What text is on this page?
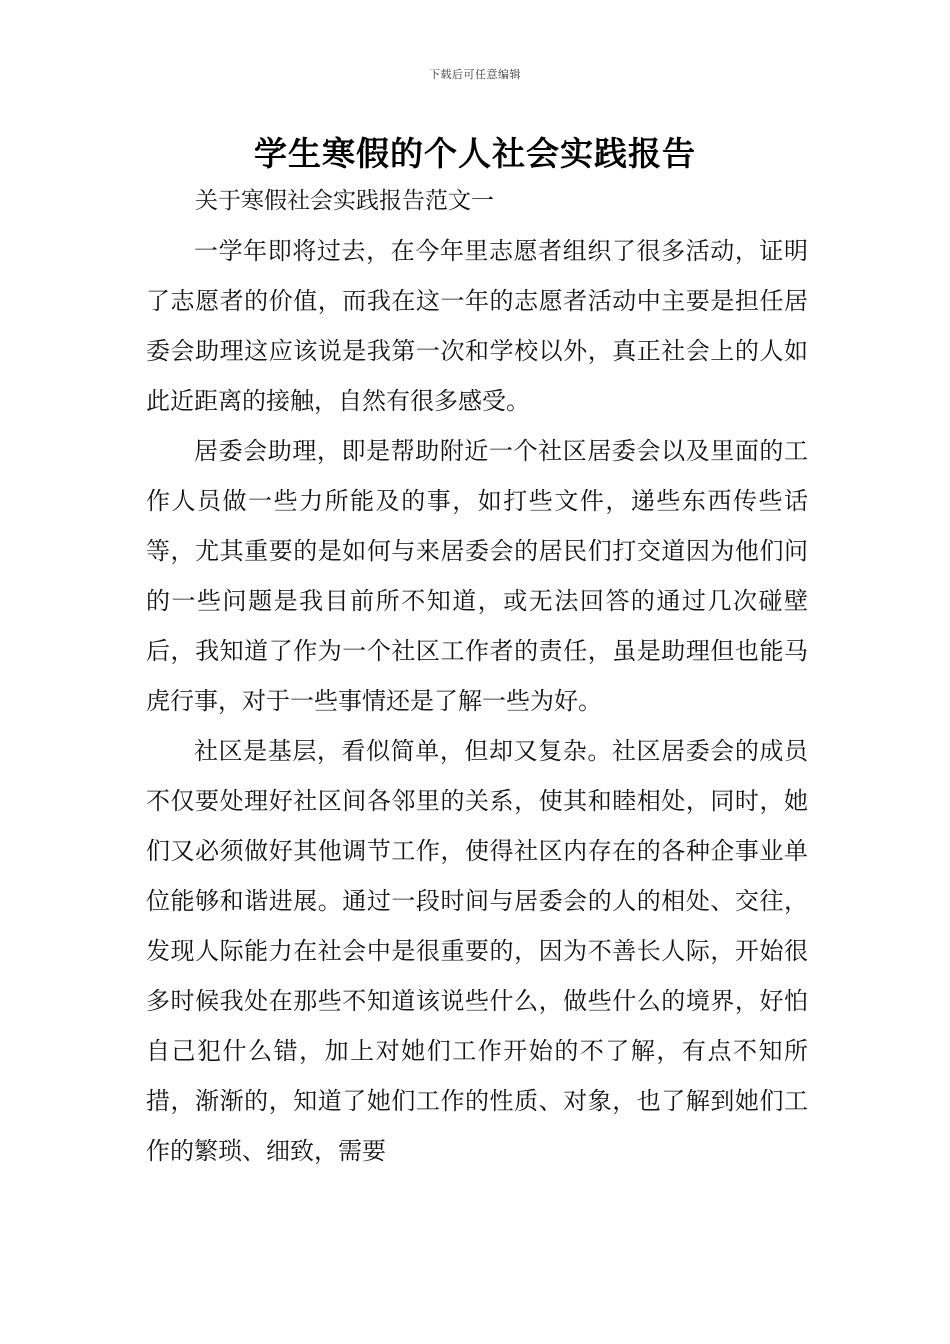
下载后可任意编辑
学生寒假的个人社会实践报告
关于寒假社会实践报告范文一

一学年即将过去，在今年里志愿者组织了很多活动，证明了志愿者的价值，而我在这一年的志愿者活动中主要是担任居委会助理这应该说是我第一次和学校以外，真正社会上的人如此近距离的接触，自然有很多感受。

居委会助理，即是帮助附近一个社区居委会以及里面的工作人员做一些力所能及的事，如打些文件，递些东西传些话等，尤其重要的是如何与来居委会的居民们打交道因为他们问的一些问题是我目前所不知道，或无法回答的通过几次碰壁后，我知道了作为一个社区工作者的责任，虽是助理但也能马虎行事，对于一些事情还是了解一些为好。

社区是基层，看似简单，但却又复杂。社区居委会的成员不仅要处理好社区间各邻里的关系，使其和睦相处，同时，她们又必须做好其他调节工作，使得社区内存在的各种企事业单位能够和谐进展。通过一段时间与居委会的人的相处、交往，发现人际能力在社会中是很重要的，因为不善长人际，开始很多时候我处在那些不知道该说些什么，做些什么的境界，好怕自己犯什么错，加上对她们工作开始的不了解，有点不知所措，渐渐的，知道了她们工作的性质、对象，也了解到她们工作的繁琐、细致，需要
